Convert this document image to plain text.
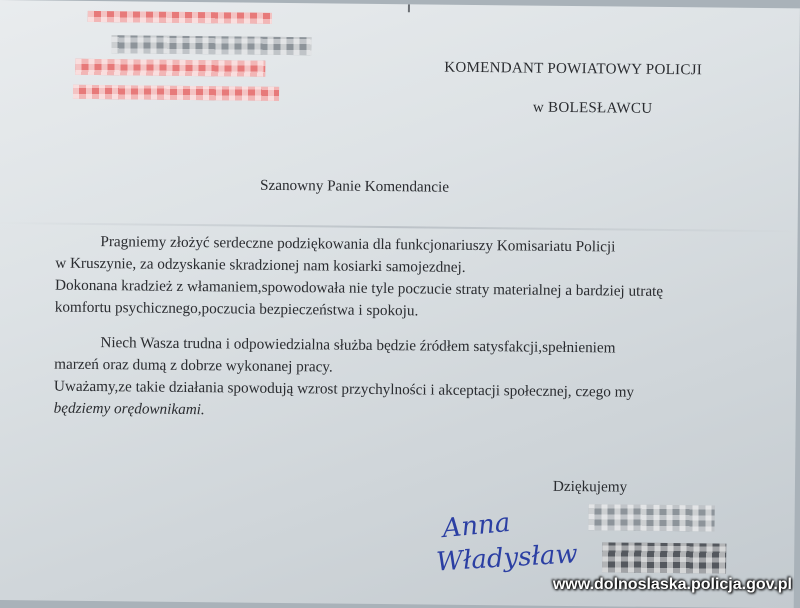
KOMENDANT POWIATOWY POLICJI
w BOLESŁAWCU
Szanowny Panie Komendancie
Pragniemy złożyć serdeczne podziękowania dla funkcjonariuszy Komisariatu Policji
w Kruszynie, za odzyskanie skradzionej nam kosiarki samojezdnej.
Dokonana kradzież z włamaniem,spowodowała nie tyle poczucie straty materialnej a bardziej utratę
komfortu psychicznego,poczucia bezpieczeństwa i spokoju.
Niech Wasza trudna i odpowiedzialna służba będzie źródłem satysfakcji,spełnieniem
marzeń oraz dumą z dobrze wykonanej pracy.
Uważamy,ze takie działania spowodują wzrost przychylności i akceptacji społecznej, czego my
będziemy orędownikami.
Dziękujemy
Anna
Władysław
www.dolnoslaska.policja.gov.pl
